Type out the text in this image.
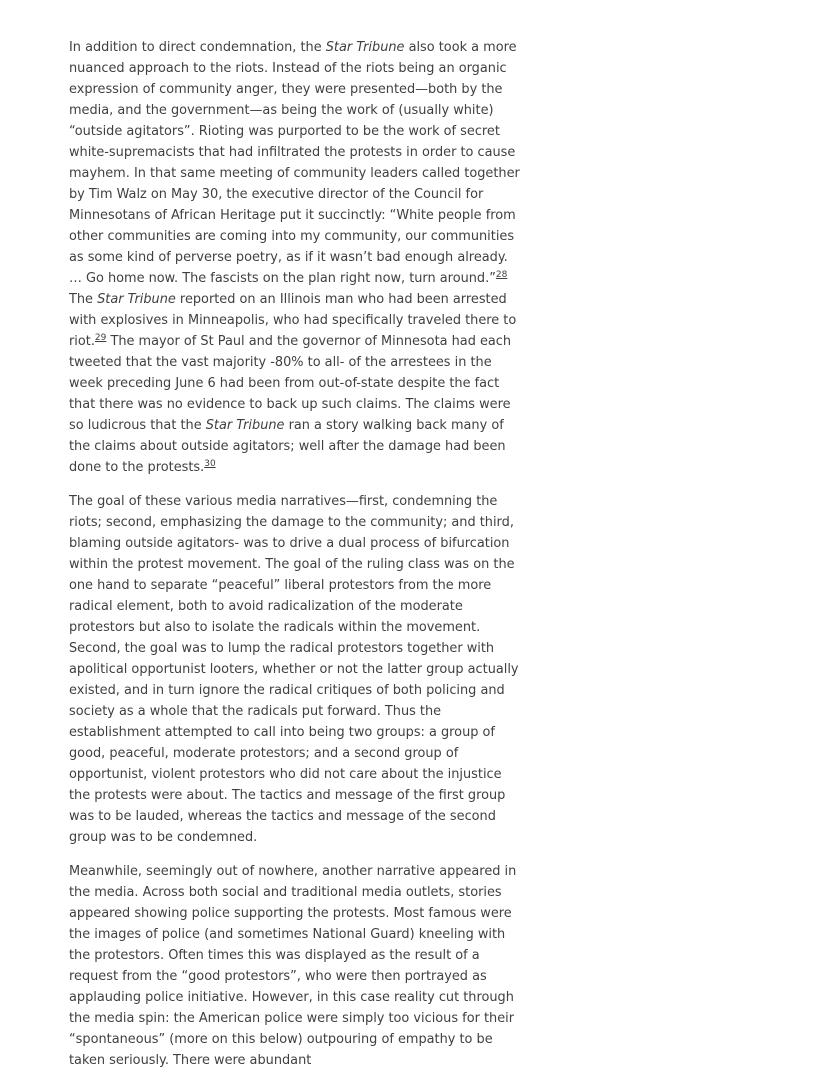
In addition to direct condemnation, the Star Tribune also took a more nuanced approach to the riots. Instead of the riots being an organic expression of community anger, they were presented—both by the media, and the government—as being the work of (usually white) “outside agitators”. Rioting was purported to be the work of secret white-supremacists that had infiltrated the protests in order to cause mayhem. In that same meeting of community leaders called together by Tim Walz on May 30, the executive director of the Council for Minnesotans of African Heritage put it succinctly: “White people from other communities are coming into my community, our communities as some kind of perverse poetry, as if it wasn’t bad enough already. … Go home now. The fascists on the plan right now, turn around.”$^{28}$ The Star Tribune reported on an Illinois man who had been arrested with explosives in Minneapolis, who had specifically traveled there to riot.$^{29}$ The mayor of St Paul and the governor of Minnesota had each tweeted that the vast majority -80% to all- of the arrestees in the week preceding June 6 had been from out-of-state despite the fact that there was no evidence to back up such claims. The claims were so ludicrous that the Star Tribune ran a story walking back many of the claims about outside agitators; well after the damage had been done to the protests.$^{30}$

The goal of these various media narratives—first, condemning the riots; second, emphasizing the damage to the community; and third, blaming outside agitators- was to drive a dual process of bifurcation within the protest movement. The goal of the ruling class was on the one hand to separate “peaceful” liberal protestors from the more radical element, both to avoid radicalization of the moderate protestors but also to isolate the radicals within the movement. Second, the goal was to lump the radical protestors together with apolitical opportunist looters, whether or not the latter group actually existed, and in turn ignore the radical critiques of both policing and society as a whole that the radicals put forward. Thus the establishment attempted to call into being two groups: a group of good, peaceful, moderate protestors; and a second group of opportunist, violent protestors who did not care about the injustice the protests were about. The tactics and message of the first group was to be lauded, whereas the tactics and message of the second group was to be condemned.

Meanwhile, seemingly out of nowhere, another narrative appeared in the media. Across both social and traditional media outlets, stories appeared showing police supporting the protests. Most famous were the images of police (and sometimes National Guard) kneeling with the protestors. Often times this was displayed as the result of a request from the “good protestors”, who were then portrayed as applauding police initiative. However, in this case reality cut through the media spin: the American police were simply too vicious for their “spontaneous” (more on this below) outpouring of empathy to be taken seriously. There were abundant
